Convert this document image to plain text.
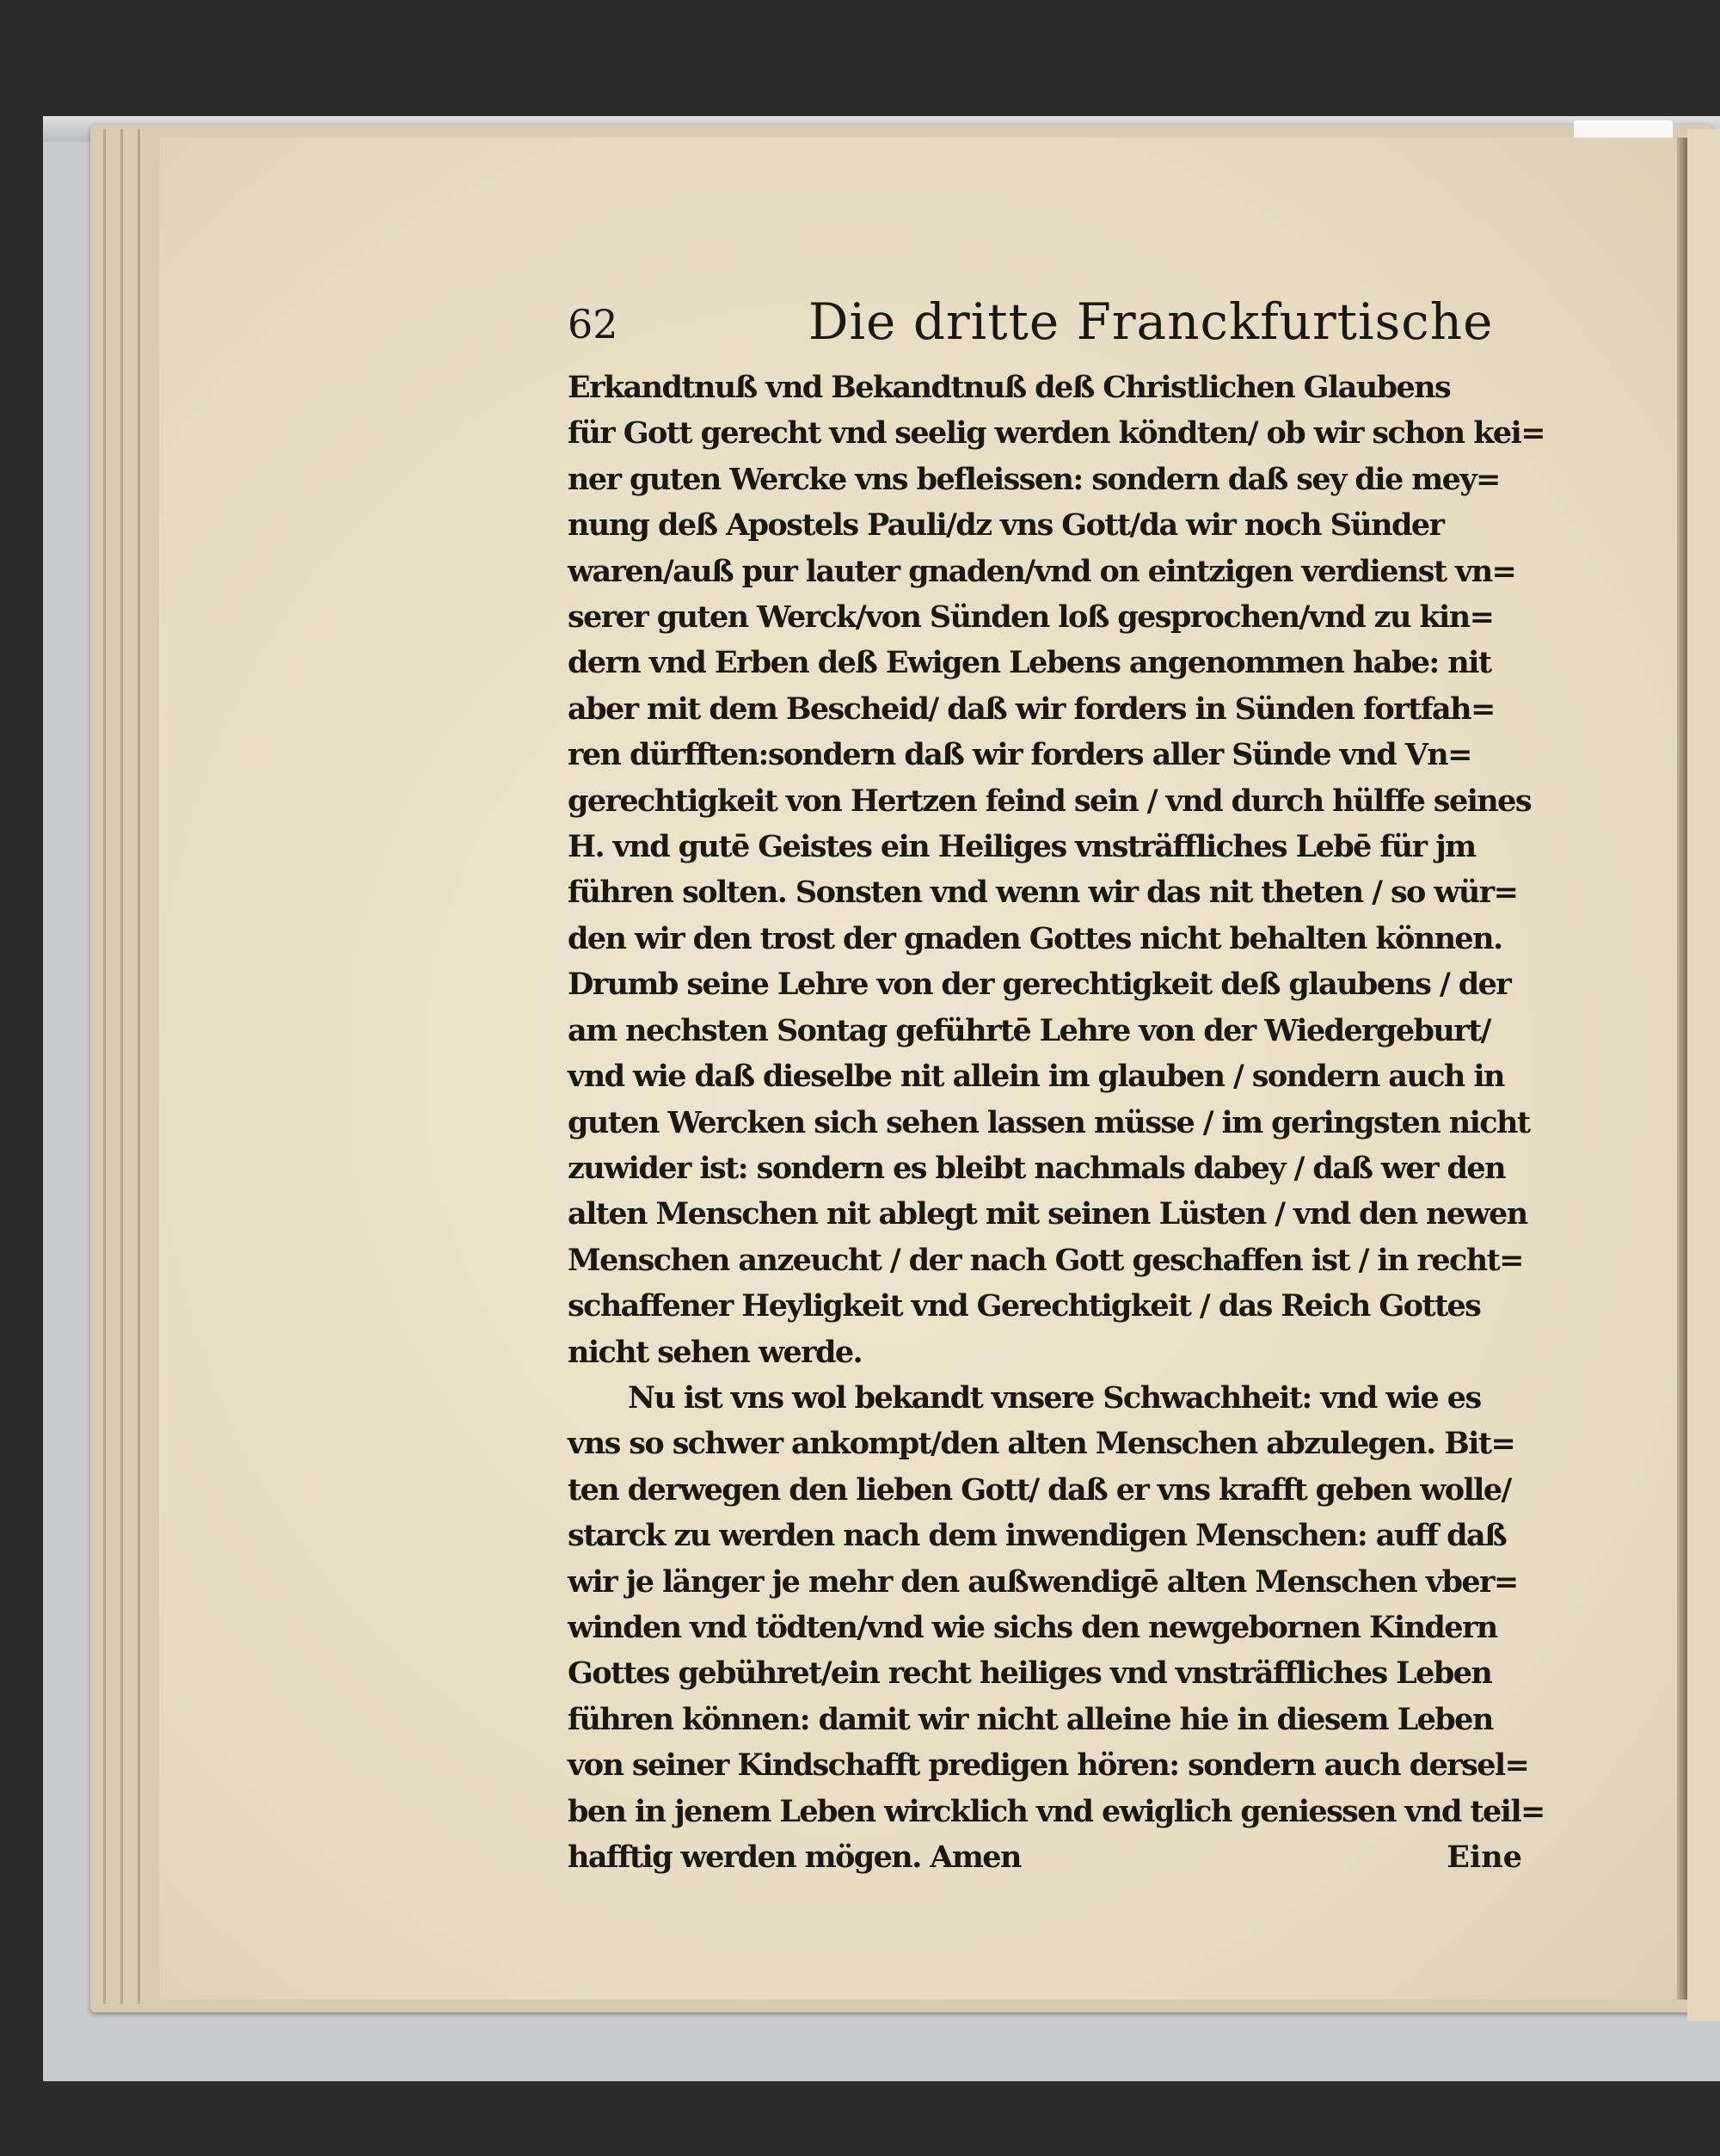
62	Die dritte Franckfurtische
Erkandtnuß vnd Bekandtnuß deß Christlichen Glaubens
für Gott gerecht vnd seelig werden köndten/ ob wir schon kei=
ner guten Wercke vns befleissen: sondern daß sey die mey=
nung deß Apostels Pauli/dz vns Gott/da wir noch Sünder
waren/auß pur lauter gnaden/vnd on eintzigen verdienst vn=
serer guten Werck/von Sünden loß gesprochen/vnd zu kin=
dern vnd Erben deß Ewigen Lebens angenommen habe: nit
aber mit dem Bescheid/ daß wir forders in Sünden fortfah=
ren dürfften:sondern daß wir forders aller Sünde vnd Vn=
gerechtigkeit von Hertzen feind sein / vnd durch hülffe seines
H. vnd gutē Geistes ein Heiliges vnsträffliches Lebē für jm
führen solten. Sonsten vnd wenn wir das nit theten / so wür=
den wir den trost der gnaden Gottes nicht behalten können.
Drumb seine Lehre von der gerechtigkeit deß glaubens / der
am nechsten Sontag geführtē Lehre von der Wiedergeburt/
vnd wie daß dieselbe nit allein im glauben / sondern auch in
guten Wercken sich sehen lassen müsse / im geringsten nicht
zuwider ist: sondern es bleibt nachmals dabey / daß wer den
alten Menschen nit ablegt mit seinen Lüsten / vnd den newen
Menschen anzeucht / der nach Gott geschaffen ist / in recht=
schaffener Heyligkeit vnd Gerechtigkeit / das Reich Gottes
nicht sehen werde.
Nu ist vns wol bekandt vnsere Schwachheit: vnd wie es
vns so schwer ankompt/den alten Menschen abzulegen. Bit=
ten derwegen den lieben Gott/ daß er vns krafft geben wolle/
starck zu werden nach dem inwendigen Menschen: auff daß
wir je länger je mehr den außwendigē alten Menschen vber=
winden vnd tödten/vnd wie sichs den newgebornen Kindern
Gottes gebühret/ein recht heiliges vnd vnsträffliches Leben
führen können: damit wir nicht alleine hie in diesem Leben
von seiner Kindschafft predigen hören: sondern auch dersel=
ben in jenem Leben wircklich vnd ewiglich geniessen vnd teil=
hafftig werden mögen. Amen	Eine
